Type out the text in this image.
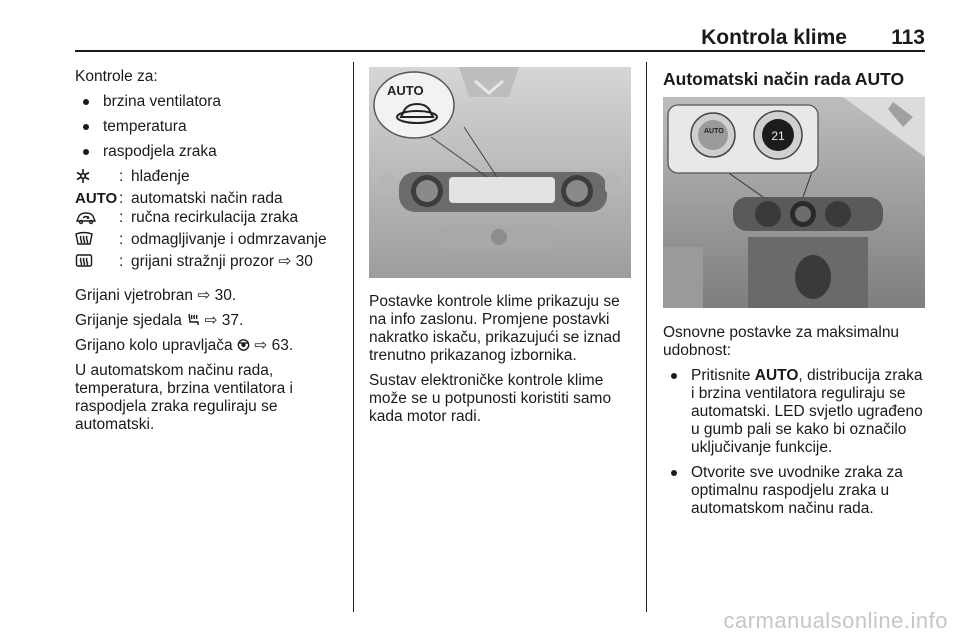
Kontrola klime 113

Kontrole za:

brzina ventilatora
temperatura
raspodjela zraka
: hlađenje
AUTO : automatski način rada
: ručna recirkulacija zraka
: odmagljivanje i odmrzavanje
: grijani stražnji prozor ⇨ 30

Grijani vjetrobran ⇨ 30.

Grijanje sjedala ⇨ 37.

Grijano kolo upravljača ⇨ 63.

U automatskom načinu rada, temperatura, brzina ventilatora i raspodjela zraka reguliraju se automatski.

AUTO

Postavke kontrole klime prikazuju se na info zaslonu. Promjene postavki nakratko iskaču, prikazujući se iznad trenutno prikazanog izbornika.

Sustav elektroničke kontrole klime može se u potpunosti koristiti samo kada motor radi.

Automatski način rada AUTO

21
AUTO

Osnovne postavke za maksimalnu udobnost:

Pritisnite AUTO, distribucija zraka i brzina ventilatora reguliraju se automatski. LED svjetlo ugrađeno u gumb pali se kako bi označilo uključivanje funkcije.
Otvorite sve uvodnike zraka za optimalnu raspodjelu zraka u automatskom načinu rada.
carmanualsonline.info
